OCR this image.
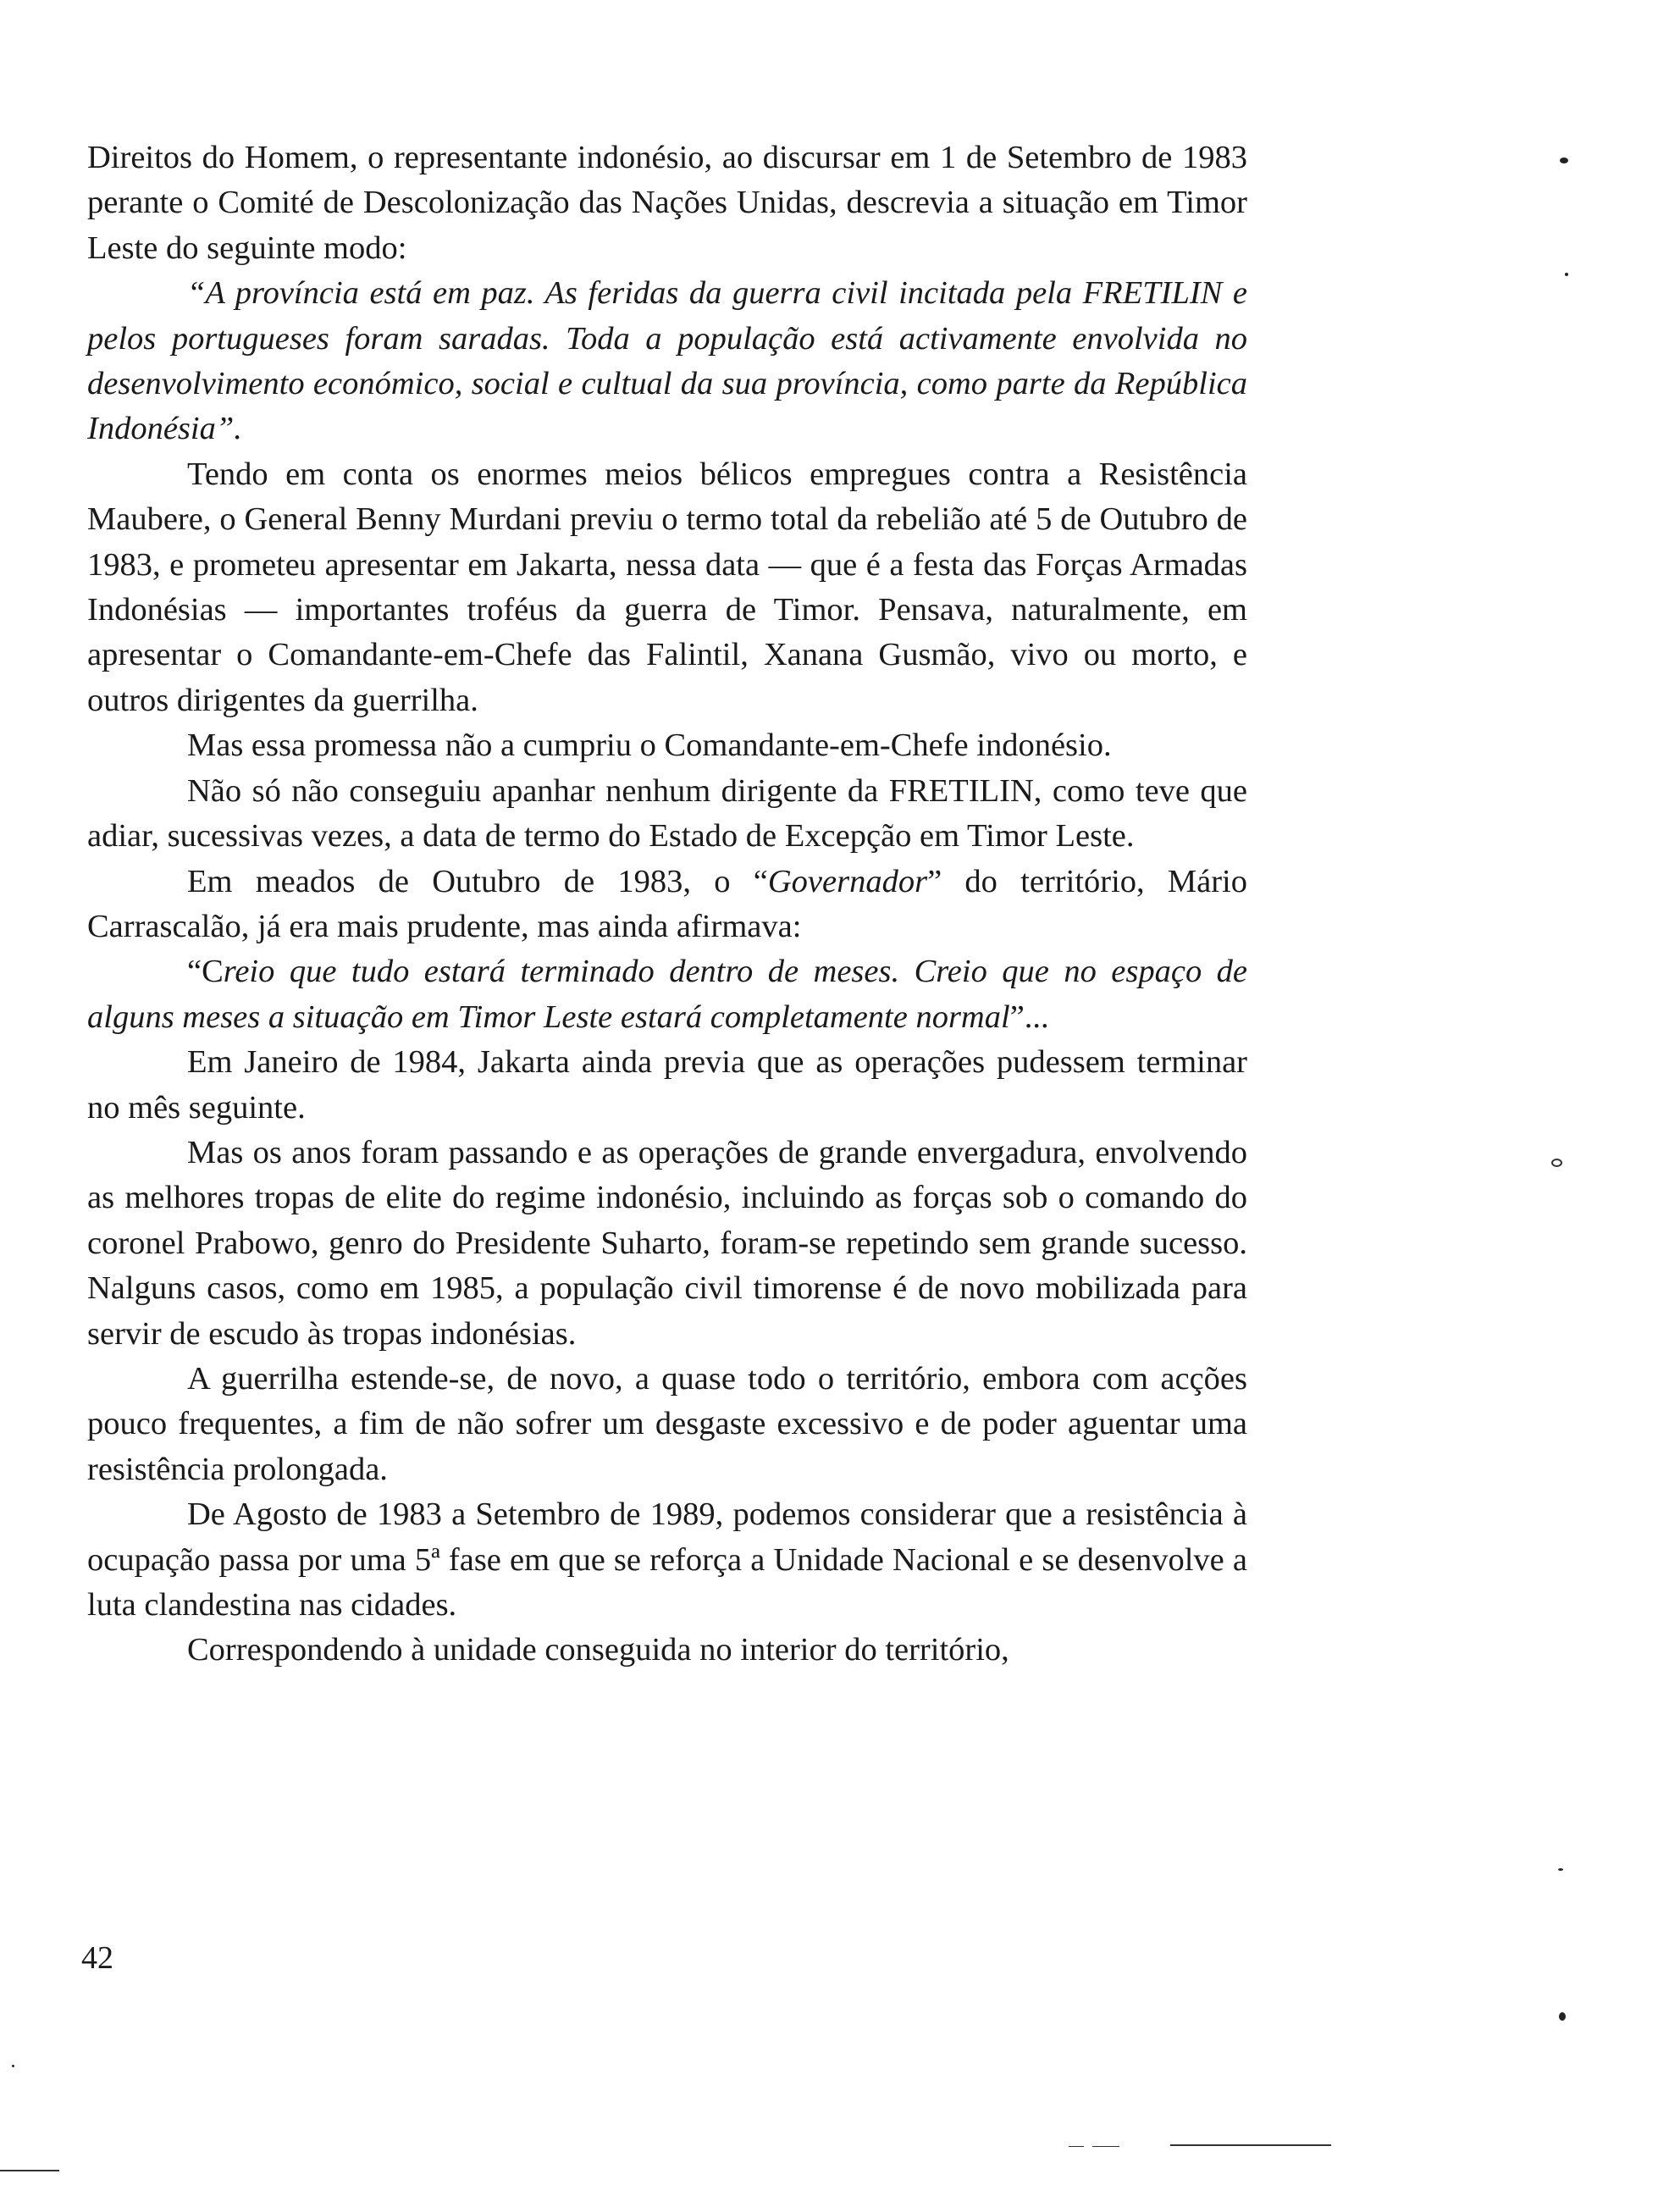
Direitos do Homem, o representante indonésio, ao discursar em 1 de Setembro de 1983 perante o Comité de Descolonização das Nações Unidas, descrevia a situação em Timor Leste do seguinte modo:

“A província está em paz. As feridas da guerra civil incitada pela FRETILIN e pelos portugueses foram saradas. Toda a população está activamente envolvida no desenvolvimento económico, social e cultual da sua província, como parte da República Indonésia”.

Tendo em conta os enormes meios bélicos empregues contra a Resistência Maubere, o General Benny Murdani previu o termo total da rebelião até 5 de Outubro de 1983, e prometeu apresentar em Jakarta, nessa data — que é a festa das Forças Armadas Indonésias — importantes troféus da guerra de Timor. Pensava, naturalmente, em apresentar o Comandante-em-Chefe das Falintil, Xanana Gusmão, vivo ou morto, e outros dirigentes da guerrilha.

Mas essa promessa não a cumpriu o Comandante-em-Chefe indonésio.

Não só não conseguiu apanhar nenhum dirigente da FRETILIN, como teve que adiar, sucessivas vezes, a data de termo do Estado de Excepção em Timor Leste.

Em meados de Outubro de 1983, o “Governador” do território, Mário Carrascalão, já era mais prudente, mas ainda afirmava:

“Creio que tudo estará terminado dentro de meses. Creio que no espaço de alguns meses a situação em Timor Leste estará completamente normal”...

Em Janeiro de 1984, Jakarta ainda previa que as operações pudessem terminar no mês seguinte.

Mas os anos foram passando e as operações de grande envergadura, envolvendo as melhores tropas de elite do regime indonésio, incluindo as forças sob o comando do coronel Prabowo, genro do Presidente Suharto, foram-se repetindo sem grande sucesso. Nalguns casos, como em 1985, a população civil timorense é de novo mobilizada para servir de escudo às tropas indonésias.

A guerrilha estende-se, de novo, a quase todo o território, embora com acções pouco frequentes, a fim de não sofrer um desgaste excessivo e de poder aguentar uma resistência prolongada.

De Agosto de 1983 a Setembro de 1989, podemos considerar que a resistência à ocupação passa por uma 5ª fase em que se reforça a Unidade Nacional e se desenvolve a luta clandestina nas cidades.

Correspondendo à unidade conseguida no interior do território,

42
